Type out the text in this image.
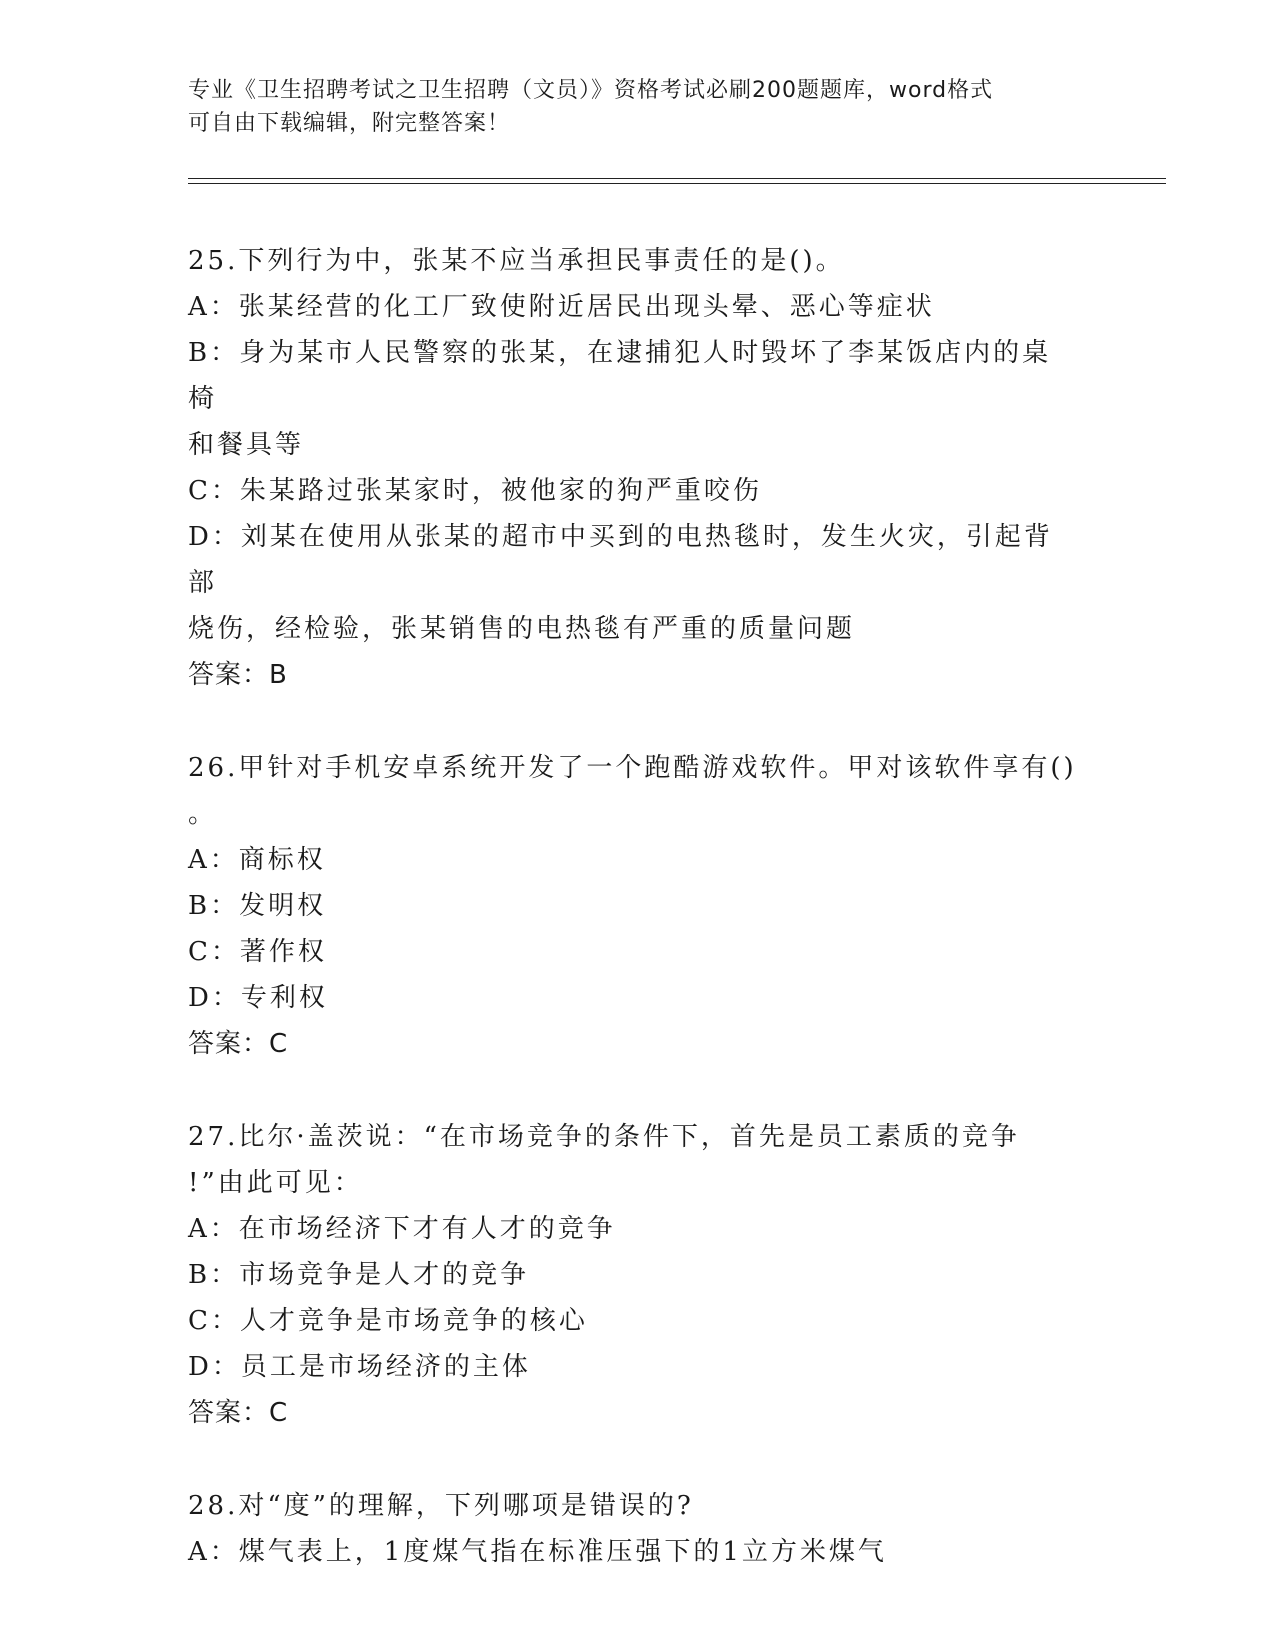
专业《卫生招聘考试之卫生招聘（文员）》资格考试必刷200题题库，word格式
可自由下载编辑，附完整答案！
25.下列行为中，张某不应当承担民事责任的是()。
A：张某经营的化工厂致使附近居民出现头晕、恶心等症状
B：身为某市人民警察的张某，在逮捕犯人时毁坏了李某饭店内的桌椅
和餐具等
C：朱某路过张某家时，被他家的狗严重咬伤
D：刘某在使用从张某的超市中买到的电热毯时，发生火灾，引起背部
烧伤，经检验，张某销售的电热毯有严重的质量问题
答案：B
26.甲针对手机安卓系统开发了一个跑酷游戏软件。甲对该软件享有()
。
A：商标权
B：发明权
C：著作权
D：专利权
答案：C
27.比尔·盖茨说：“在市场竞争的条件下，首先是员工素质的竞争
!”由此可见：
A：在市场经济下才有人才的竞争
B：市场竞争是人才的竞争
C：人才竞争是市场竞争的核心
D：员工是市场经济的主体
答案：C
28.对“度”的理解，下列哪项是错误的?
A：煤气表上，1度煤气指在标准压强下的1立方米煤气
